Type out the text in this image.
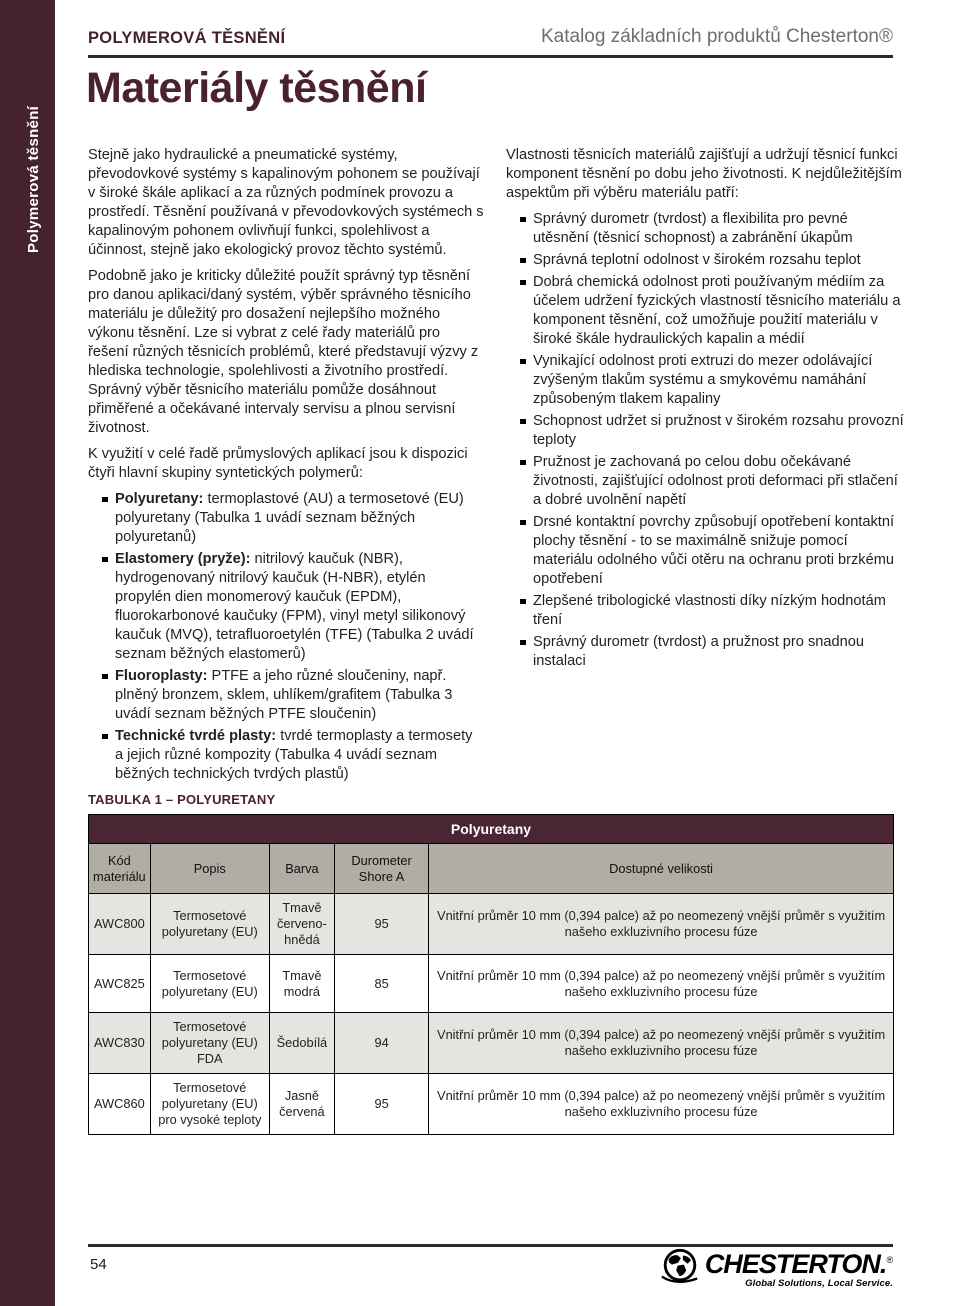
Polymerová těsnění
POLYMEROVÁ TĚSNĚNÍ	Katalog základních produktů Chesterton®
Materiály těsnění

Stejně jako hydraulické a pneumatické systémy, převodovkové systémy s kapalinovým pohonem se používají v široké škále aplikací a za různých podmínek provozu a prostředí. Těsnění používaná v převodovkových systémech s kapalinovým pohonem ovlivňují funkci, spolehlivost a účinnost, stejně jako ekologický provoz těchto systémů.

Podobně jako je kriticky důležité použít správný typ těsnění pro danou aplikaci/daný systém, výběr správného těsnicího materiálu je důležitý pro dosažení nejlepšího možného výkonu těsnění. Lze si vybrat z celé řady materiálů pro řešení různých těsnicích problémů, které představují výzvy z hlediska technologie, spolehlivosti a životního prostředí. Správný výběr těsnicího materiálu pomůže dosáhnout přiměřené a očekávané intervaly servisu a plnou servisní životnost.

K využití v celé řadě průmyslových aplikací jsou k dispozici čtyři hlavní skupiny syntetických polymerů:

Polyuretany: termoplastové (AU) a termosetové (EU) polyuretany (Tabulka 1 uvádí seznam běžných polyuretanů)
Elastomery (pryže): nitrilový kaučuk (NBR), hydrogenovaný nitrilový kaučuk (H-NBR), etylén propylén dien monomerový kaučuk (EPDM), fluorokarbonové kaučuky (FPM), vinyl metyl silikonový kaučuk (MVQ), tetrafluoroetylén (TFE) (Tabulka 2 uvádí seznam běžných elastomerů)
Fluoroplasty: PTFE a jeho různé sloučeniny, např. plněný bronzem, sklem, uhlíkem/grafitem (Tabulka 3 uvádí seznam běžných PTFE sloučenin)
Technické tvrdé plasty: tvrdé termoplasty a termosety a jejich různé kompozity (Tabulka 4 uvádí seznam běžných technických tvrdých plastů)

Vlastnosti těsnicích materiálů zajišťují a udržují těsnicí funkci komponent těsnění po dobu jeho životnosti. K nejdůležitějším aspektům při výběru materiálu patří:

Správný durometr (tvrdost) a flexibilita pro pevné utěsnění (těsnicí schopnost) a zabránění úkapům
Správná teplotní odolnost v širokém rozsahu teplot
Dobrá chemická odolnost proti používaným médiím za účelem udržení fyzických vlastností těsnicího materiálu a komponent těsnění, což umožňuje použití materiálu v široké škále hydraulických kapalin a médií
Vynikající odolnost proti extruzi do mezer odolávající zvýšeným tlakům systému a smykovému namáhání způsobeným tlakem kapaliny
Schopnost udržet si pružnost v širokém rozsahu provozní teploty
Pružnost je zachovaná po celou dobu očekávané životnosti, zajišťující odolnost proti deformaci při stlačení a dobré uvolnění napětí
Drsné kontaktní povrchy způsobují opotřebení kontaktní plochy těsnění - to se maximálně snižuje pomocí materiálu odolného vůči otěru na ochranu proti brzkému opotřebení
Zlepšené tribologické vlastnosti díky nízkým hodnotám tření
Správný durometr (tvrdost) a pružnost pro snadnou instalaci
TABULKA 1 – POLYURETANY
Polyuretany				
Kód materiálu	Popis	Barva	Durometer Shore A	Dostupné velikosti
AWC800	Termosetové polyuretany (EU)	Tmavě červeno-hnědá	95	Vnitřní průměr 10 mm (0,394 palce) až po neomezený vnější průměr s využitím našeho exkluzivního procesu fúze
AWC825	Termosetové polyuretany (EU)	Tmavě modrá	85	Vnitřní průměr 10 mm (0,394 palce) až po neomezený vnější průměr s využitím našeho exkluzivního procesu fúze
AWC830	Termosetové polyuretany (EU) FDA	Šedobílá	94	Vnitřní průměr 10 mm (0,394 palce) až po neomezený vnější průměr s využitím našeho exkluzivního procesu fúze
AWC860	Termosetové polyuretany (EU) pro vysoké teploty	Jasně červená	95	Vnitřní průměr 10 mm (0,394 palce) až po neomezený vnější průměr s využitím našeho exkluzivního procesu fúze
54	CHESTERTON.®
Global Solutions, Local Service.
